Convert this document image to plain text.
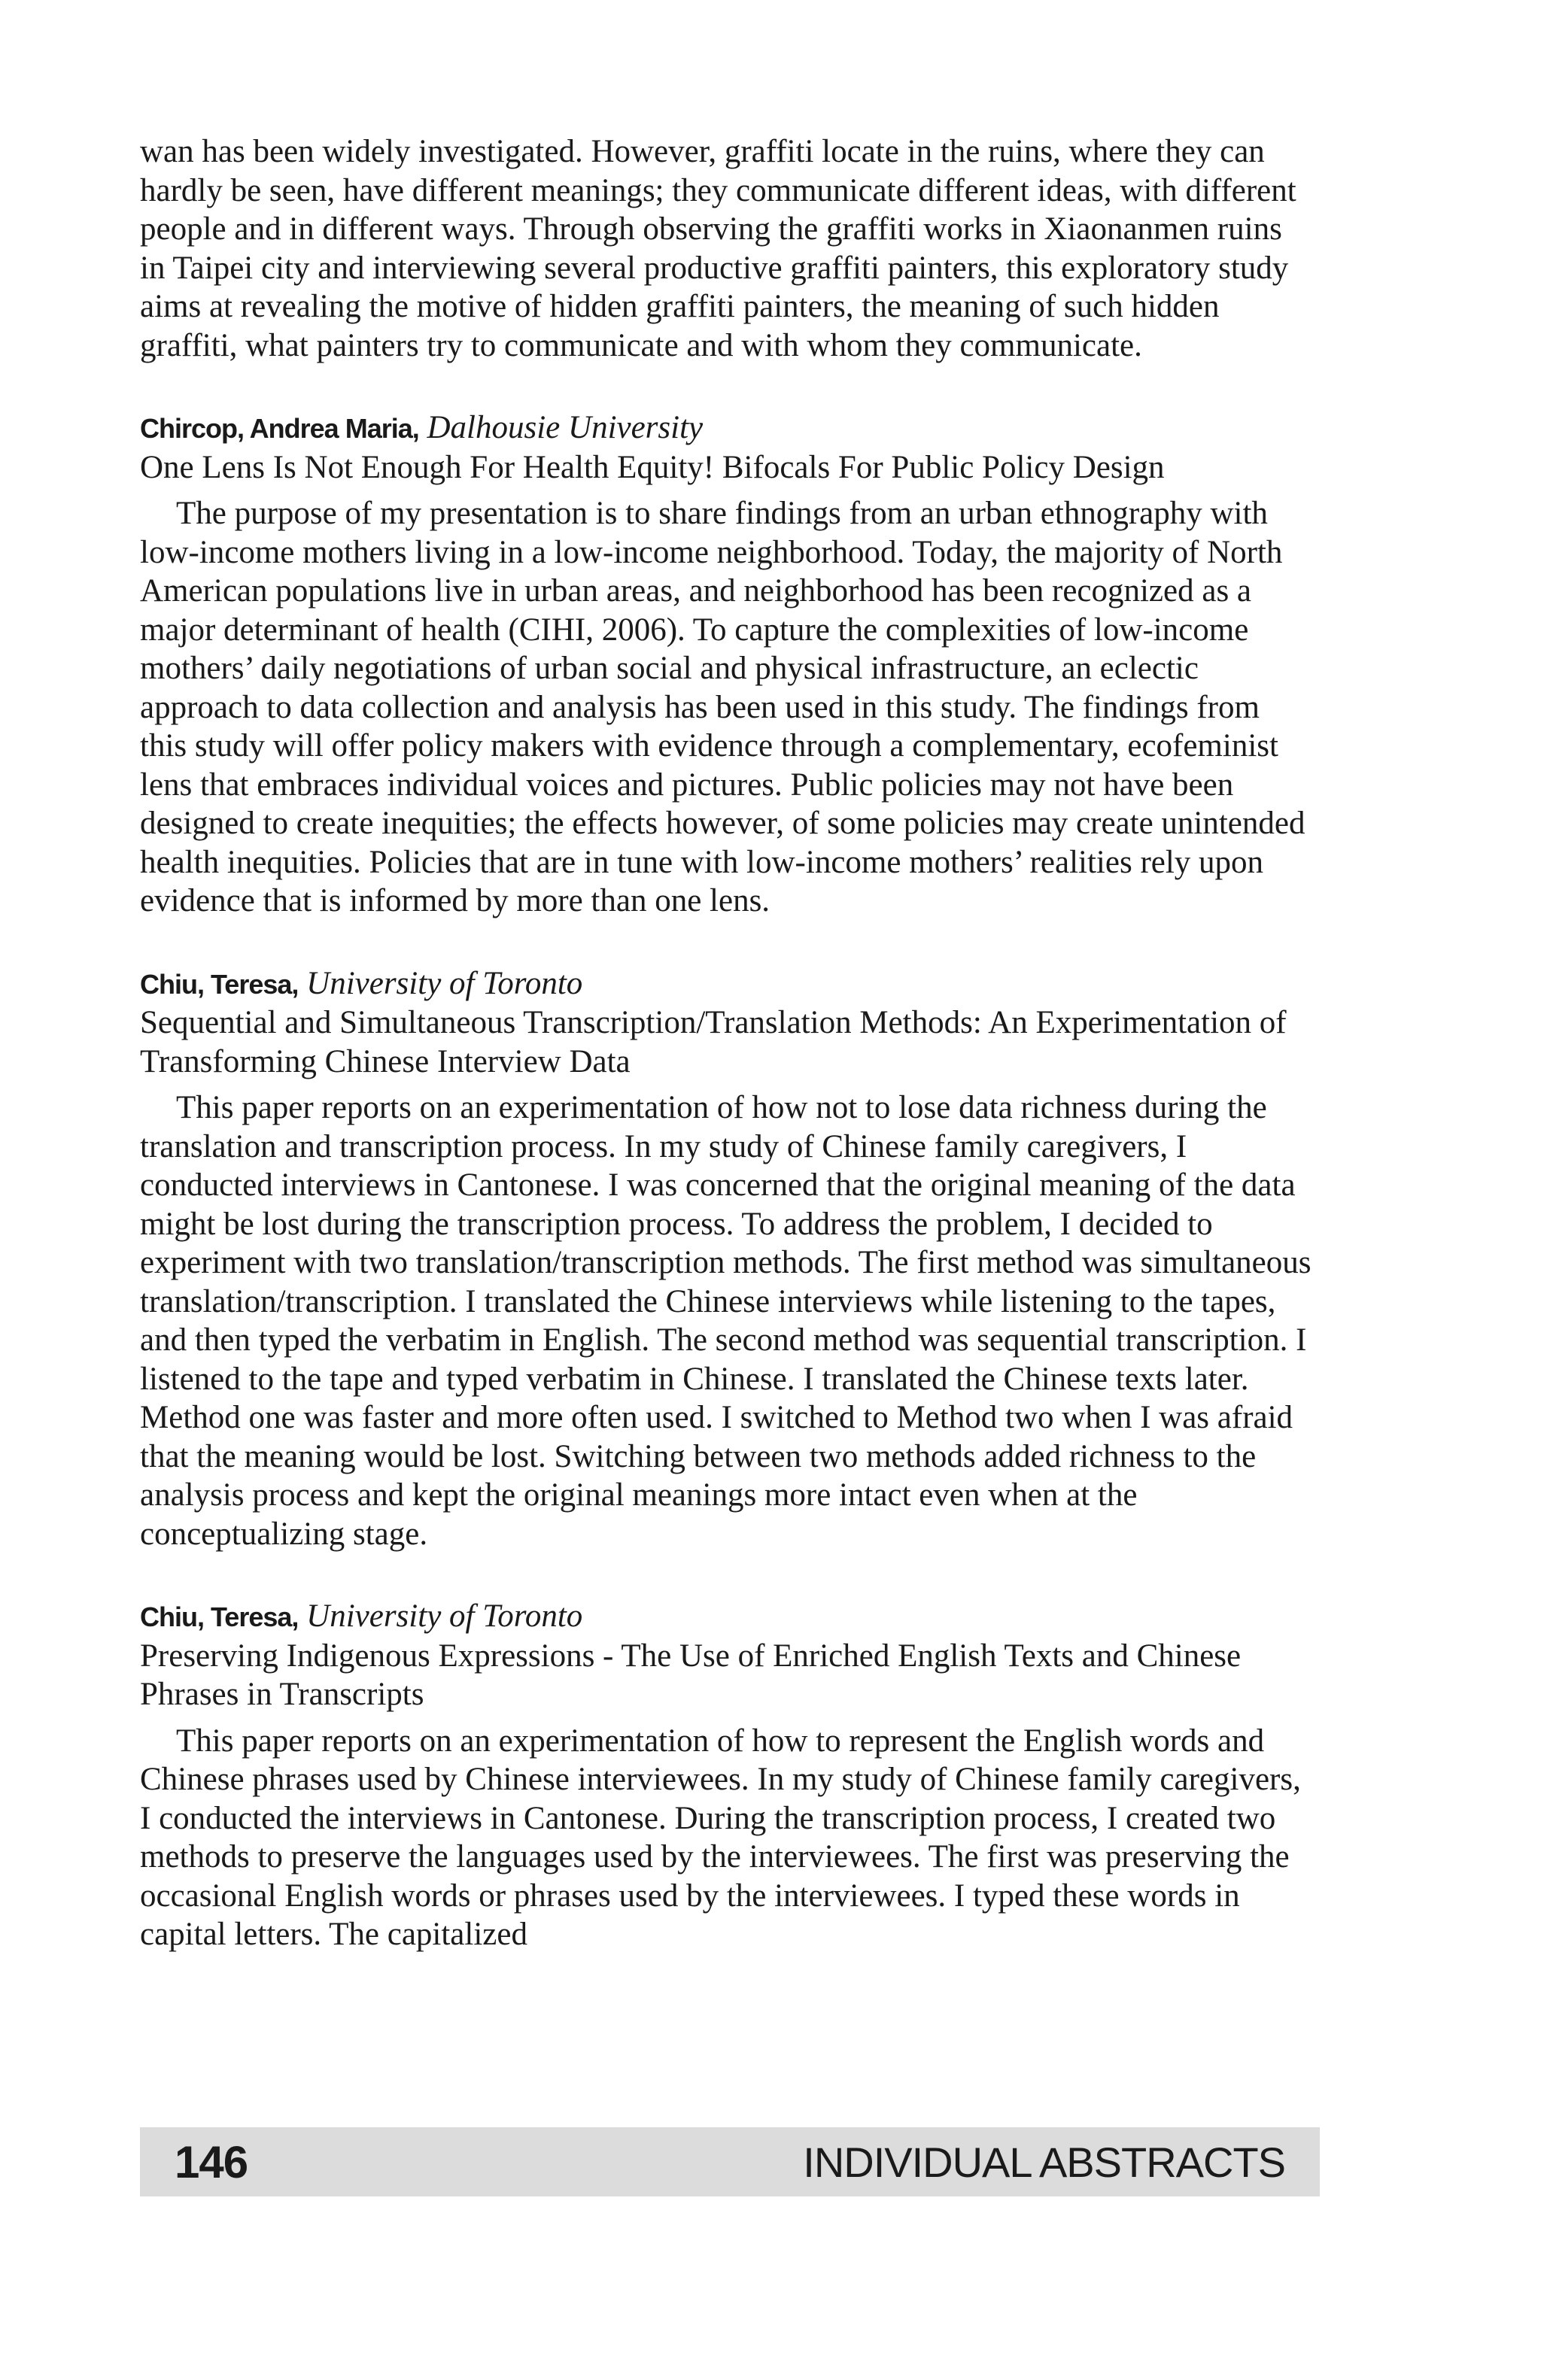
wan has been widely investigated. However, graffiti locate in the ruins, where they can hardly be seen, have different meanings; they communicate different ideas, with different people and in different ways. Through observing the graffiti works in Xiaonanmen ruins in Taipei city and interviewing several productive graffiti painters, this exploratory study aims at revealing the motive of hidden graffiti painters, the meaning of such hidden graffiti, what painters try to communicate and with whom they communicate.

Chircop, Andrea Maria, Dalhousie University

One Lens Is Not Enough For Health Equity! Bifocals For Public Policy Design

The purpose of my presentation is to share findings from an urban ethnography with low-income mothers living in a low-income neighborhood. Today, the majority of North American populations live in urban areas, and neighborhood has been recognized as a major determinant of health (CIHI, 2006). To capture the complexities of low-income mothers’ daily negotiations of urban social and physical infrastructure, an eclectic approach to data collection and analysis has been used in this study. The findings from this study will offer policy makers with evidence through a complementary, ecofeminist lens that embraces individual voices and pictures. Public policies may not have been designed to create inequities; the effects however, of some policies may create unintended health inequities. Policies that are in tune with low-income mothers’ realities rely upon evidence that is informed by more than one lens.

Chiu, Teresa, University of Toronto

Sequential and Simultaneous Transcription/Translation Methods: An Experimentation of Transforming Chinese Interview Data

This paper reports on an experimentation of how not to lose data richness during the translation and transcription process. In my study of Chinese family caregivers, I conducted interviews in Cantonese. I was concerned that the original meaning of the data might be lost during the transcription process. To address the problem, I decided to experiment with two translation/transcription methods. The first method was simultaneous translation/transcription. I translated the Chinese interviews while listening to the tapes, and then typed the verbatim in English. The second method was sequential transcription. I listened to the tape and typed verbatim in Chinese. I translated the Chinese texts later. Method one was faster and more often used. I switched to Method two when I was afraid that the meaning would be lost. Switching between two methods added richness to the analysis process and kept the original meanings more intact even when at the conceptualizing stage.

Chiu, Teresa, University of Toronto

Preserving Indigenous Expressions - The Use of Enriched English Texts and Chinese Phrases in Transcripts

This paper reports on an experimentation of how to represent the English words and Chinese phrases used by Chinese interviewees. In my study of Chinese family caregivers, I conducted the interviews in Cantonese. During the transcription process, I created two methods to preserve the languages used by the interviewees. The first was preserving the occasional English words or phrases used by the interviewees. I typed these words in capital letters. The capitalized

146	INDIVIDUAL ABSTRACTS
